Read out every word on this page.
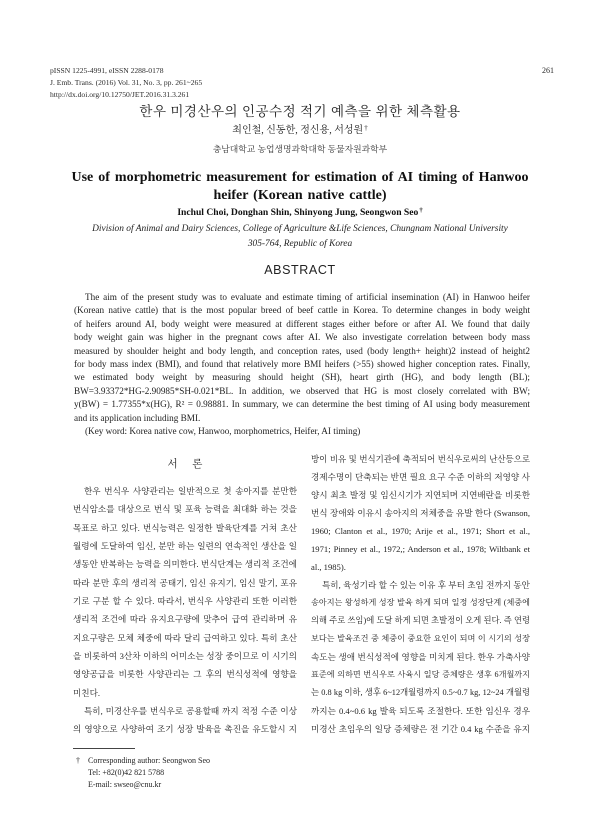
pISSN 1225-4991, eISSN 2288-0178
J. Emb. Trans. (2016) Vol. 31, No. 3, pp. 261~265
http://dx.doi.org/10.12750/JET.2016.31.3.261
261
한우 미경산우의 인공수정 적기 예측을 위한 체측활용
최인철, 신동한, 정신용, 서성원†
충남대학교 농업생명과학대학 동물자원과학부
Use of morphometric measurement for estimation of AI timing of Hanwoo
heifer (Korean native cattle)
Inchul Choi, Donghan Shin, Shinyong Jung, Seongwon Seo†
Division of Animal and Dairy Sciences, College of Agriculture &Life Sciences, Chungnam National University
305-764, Republic of Korea
ABSTRACT
The aim of the present study was to evaluate and estimate timing of artificial insemination (AI) in Hanwoo heifer
(Korean native cattle) that is the most popular breed of beef cattle in Korea. To determine changes in body weight
of heifers around AI, body weight were measured at different stages either before or after AI. We found that daily
body weight gain was higher in the pregnant cows after AI. We also investigate correlation between body mass
measured by shoulder height and body length, and conception rates, used (body length+ height)2 instead of height2
for body mass index (BMI), and found that relatively more BMI heifers (>55) showed higher conception rates. Finally,
we estimated body weight by measuring should height (SH), heart girth (HG), and body length (BL);
BW=3.93372*HG-2.90985*SH-0.021*BL. In addition, we observed that HG is most closely correlated with BW;
y(BW) = 1.77355*x(HG), R² = 0.98881. In summary, we can determine the best timing of AI using body measurement
and its application including BMI.
(Key word: Korea native cow, Hanwoo, morphometrics, Heifer, AI timing)
서 론
한우 번식우 사양관리는 일반적으로 첫 송아지를 분만한
번식암소를 대상으로 번식 및 포육 능력을 최대화 하는 것을
목표로 하고 있다. 번식능력은 일정한 발육단계를 거쳐 초산
월령에 도달하여 임신, 분만 하는 일련의 연속적인 생산을 일
생동안 반복하는 능력을 의미한다. 번식단계는 생리적 조건에
따라 분만 후의 생리적 공태기, 임신 유지기, 임신 말기, 포유
기로 구분 할 수 있다. 따라서, 번식우 사양관리 또한 이러한
생리적 조건에 따라 유지요구량에 맞추어 급여 관리하며 유
지요구량은 모체 체중에 따라 달리 급여하고 있다. 특히 초산
을 비롯하여 3산차 이하의 어미소는 성장 중이므로 이 시기의
영양공급을 비롯한 사양관리는 그 후의 번식성적에 영향을
미친다.
특히, 미경산우를 번식우로 공용할때 까지 적정 수준 이상
의 영양으로 사양하여 조기 성장 발육을 촉진을 유도할시 지
방이 비유 및 번식기관에 축적되어 번식우로써의 난산등으로
경제수명이 단축되는 반면 필요 요구 수준 이하의 저영양 사
양시 최초 발정 및 임신시기가 지연되며 지연배란을 비롯한
번식 장애와 이유시 송아지의 저체중을 유발 한다 (Swanson,
1960; Clanton et al., 1970; Arije et al., 1971; Short et al.,
1971; Pinney et al., 1972,; Anderson et al., 1978; Wiltbank et
al., 1985).
특히, 육성기라 할 수 있는 이유 후 부터 초임 전까지 동안
송아지는 왕성하게 성장 발육 하게 되며 일정 성장단계 (체중에
의해 주로 쓰임)에 도달 하게 되면 초발정이 오게 된다. 즉 연령
보다는 발육조건 중 체중이 중요한 요인이 되며 이 시기의 성장
속도는 생애 번식성적에 영향을 미치게 된다. 한우 가축사양
표준에 의하면 번식우로 사육시 일당 증체량은 생후 6개월까지
는 0.8 kg 이하, 생후 6~12개월령까지 0.5~0.7 kg, 12~24 개월령
까지는 0.4~0.6 kg 발육 되도록 조절한다. 또한 임신우 경우
미경산 초임우의 일당 증체량은 전 기간 0.4 kg 수준을 유지
† Corresponding author: Seongwon Seo
Tel: +82(0)42 821 5788
E-mail: swseo@cnu.kr
